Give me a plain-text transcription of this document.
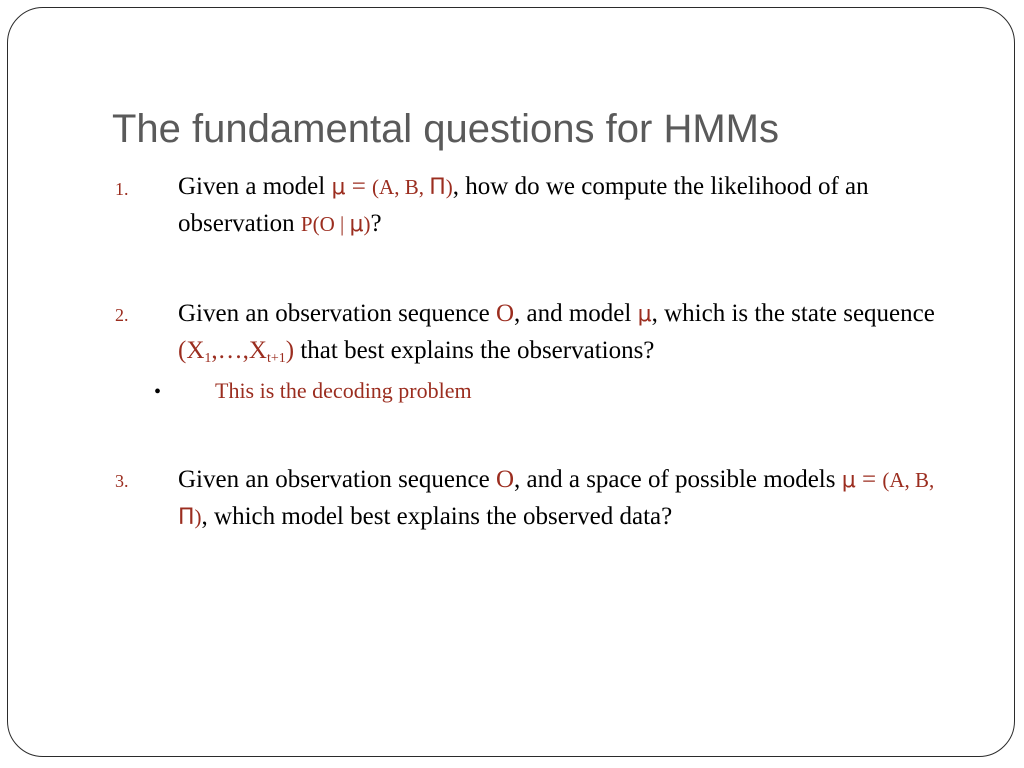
The fundamental questions for HMMs
1. Given a model μ = (A, B, Π), how do we compute the likelihood of an observation P(O | μ)?
2. Given an observation sequence O, and model μ, which is the state sequence $(X_1,\dots,X_{t+1})$ that best explains the observations?
• This is the decoding problem
3. Given an observation sequence O, and a space of possible models μ = (A, B, Π), which model best explains the observed data?
